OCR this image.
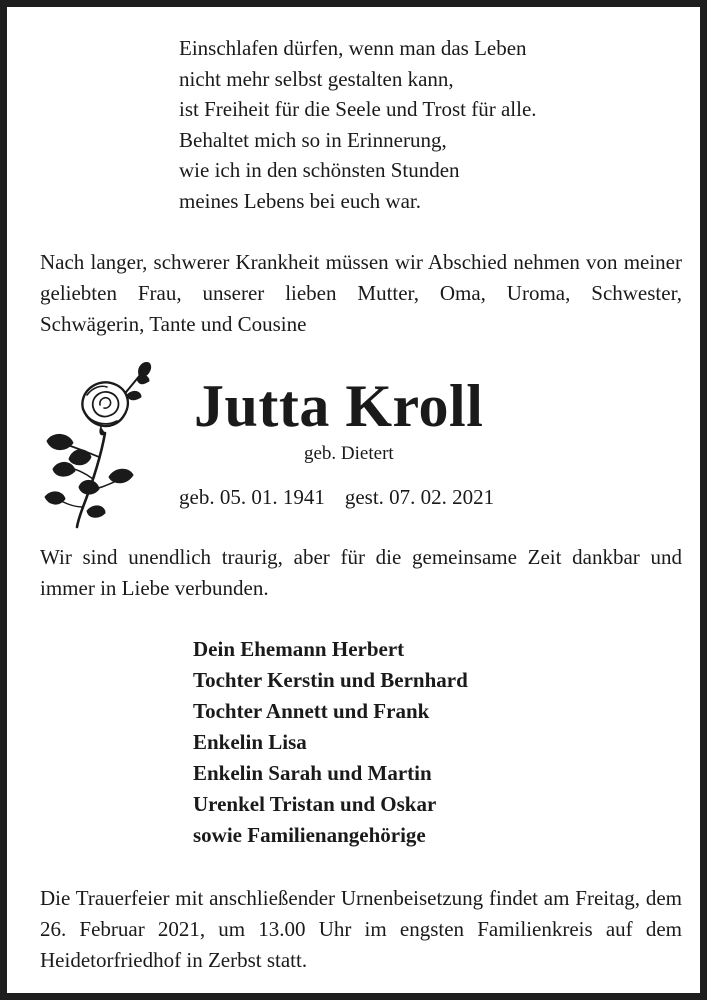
Einschlafen dürfen, wenn man das Leben
nicht mehr selbst gestalten kann,
ist Freiheit für die Seele und Trost für alle.
Behaltet mich so in Erinnerung,
wie ich in den schönsten Stunden
meines Lebens bei euch war.
Nach langer, schwerer Krankheit müssen wir Abschied nehmen von meiner geliebten Frau, unserer lieben Mutter, Oma, Uroma, Schwester, Schwägerin, Tante und Cousine
Jutta Kroll
geb. Dietert
geb. 05. 01. 1941 gest. 07. 02. 2021
Wir sind unendlich traurig, aber für die gemeinsame Zeit dankbar und immer in Liebe verbunden.
Dein Ehemann Herbert
Tochter Kerstin und Bernhard
Tochter Annett und Frank
Enkelin Lisa
Enkelin Sarah und Martin
Urenkel Tristan und Oskar
sowie Familienangehörige
Die Trauerfeier mit anschließender Urnenbeisetzung findet am Freitag, dem 26. Februar 2021, um 13.00 Uhr im engsten Familienkreis auf dem Heidetorfriedhof in Zerbst statt.
